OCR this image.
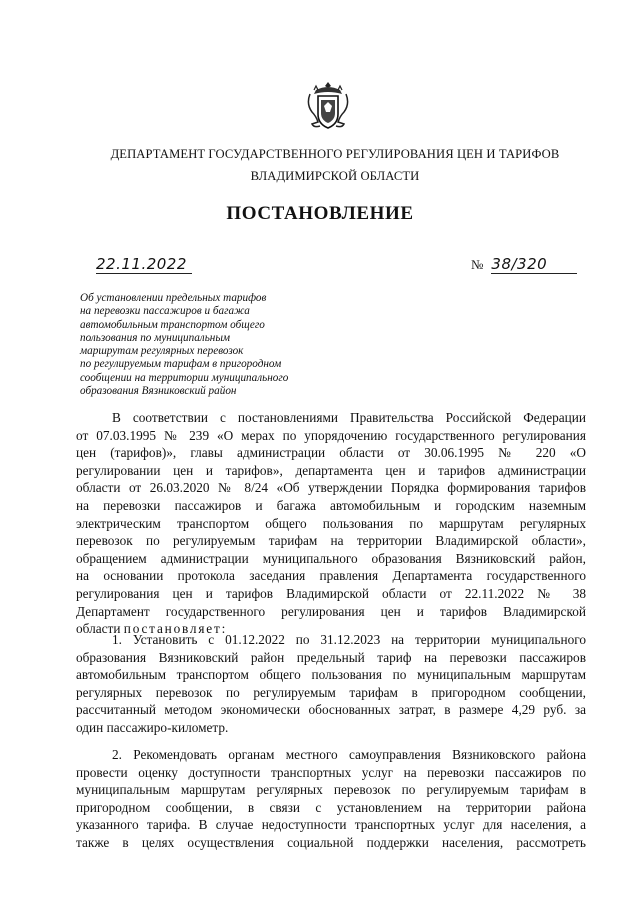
ДЕПАРТАМЕНТ ГОСУДАРСТВЕННОГО РЕГУЛИРОВАНИЯ ЦЕН И ТАРИФОВ
ВЛАДИМИРСКОЙ ОБЛАСТИ
ПОСТАНОВЛЕНИЕ
22.11.2022	№ 38/320
Об установлении предельных тарифов
на перевозки пассажиров и багажа
автомобильным транспортом общего
пользования по муниципальным
маршрутам регулярных перевозок
по регулируемым тарифам в пригородном
сообщении на территории муниципального
образования Вязниковский район
В соответствии с постановлениями Правительства Российской Федерации
от 07.03.1995 № 239 «О мерах по упорядочению государственного регулирования
цен (тарифов)», главы администрации области от 30.06.1995 № 220 «О
регулировании цен и тарифов», департамента цен и тарифов администрации
области от 26.03.2020 № 8/24 «Об утверждении Порядка формирования тарифов
на перевозки пассажиров и багажа автомобильным и городским наземным
электрическим транспортом общего пользования по маршрутам регулярных
перевозок по регулируемым тарифам на территории Владимирской области»,
обращением администрации муниципального образования Вязниковский район,
на основании протокола заседания правления Департамента государственного
регулирования цен и тарифов Владимирской области от 22.11.2022 № 38
Департамент государственного регулирования цен и тарифов Владимирской
области постановляет:
1. Установить с 01.12.2022 по 31.12.2023 на территории муниципального
образования Вязниковский район предельный тариф на перевозки пассажиров
автомобильным транспортом общего пользования по муниципальным маршрутам
регулярных перевозок по регулируемым тарифам в пригородном сообщении,
рассчитанный методом экономически обоснованных затрат, в размере 4,29 руб. за
один пассажиро-километр.
2. Рекомендовать органам местного самоуправления Вязниковского района
провести оценку доступности транспортных услуг на перевозки пассажиров по
муниципальным маршрутам регулярных перевозок по регулируемым тарифам в
пригородном сообщении, в связи с установлением на территории района
указанного тарифа. В случае недоступности транспортных услуг для населения, а
также в целях осуществления социальной поддержки населения, рассмотреть
